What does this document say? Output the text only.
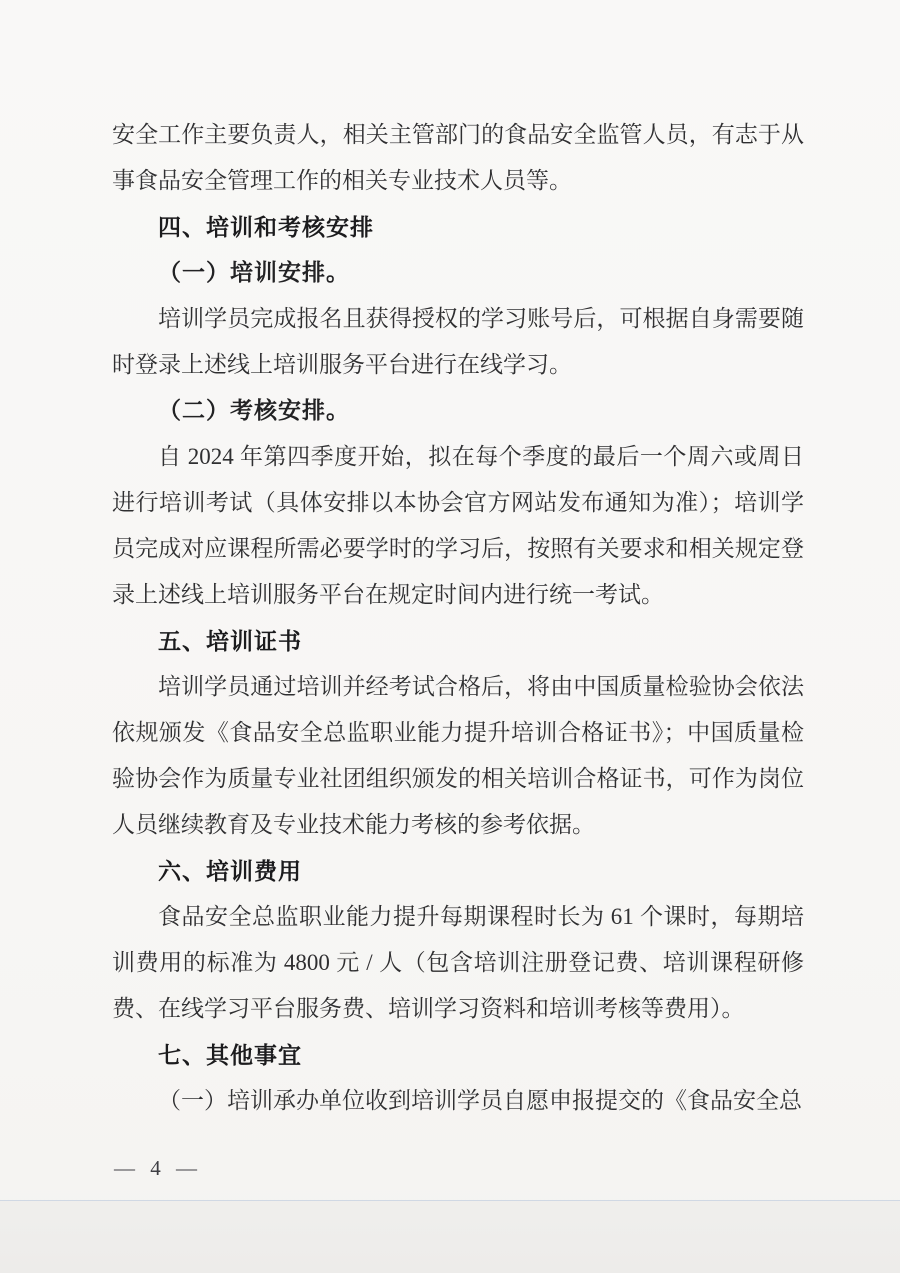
安全工作主要负责人，相关主管部门的食品安全监管人员，有志于从事食品安全管理工作的相关专业技术人员等。

四、培训和考核安排

（一）培训安排。

培训学员完成报名且获得授权的学习账号后，可根据自身需要随时登录上述线上培训服务平台进行在线学习。

（二）考核安排。

自 2024 年第四季度开始，拟在每个季度的最后一个周六或周日进行培训考试（具体安排以本协会官方网站发布通知为准）；培训学员完成对应课程所需必要学时的学习后，按照有关要求和相关规定登录上述线上培训服务平台在规定时间内进行统一考试。

五、培训证书

培训学员通过培训并经考试合格后，将由中国质量检验协会依法依规颁发《食品安全总监职业能力提升培训合格证书》；中国质量检验协会作为质量专业社团组织颁发的相关培训合格证书，可作为岗位人员继续教育及专业技术能力考核的参考依据。

六、培训费用

食品安全总监职业能力提升每期课程时长为 61 个课时，每期培训费用的标准为 4800 元 / 人（包含培训注册登记费、培训课程研修费、在线学习平台服务费、培训学习资料和培训考核等费用）。

七、其他事宜

（一）培训承办单位收到培训学员自愿申报提交的《食品安全总

— 4 —
